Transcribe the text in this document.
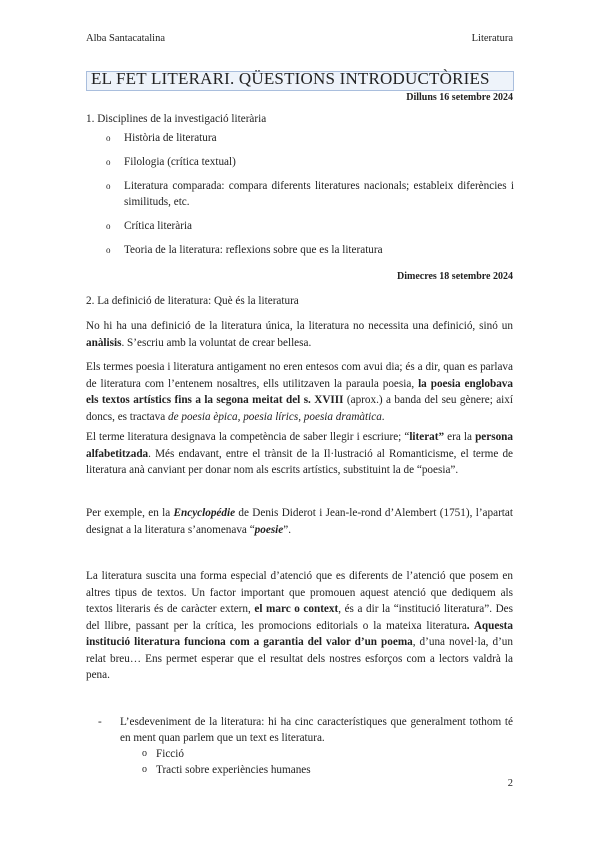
Alba Santacatalina	Literatura
EL FET LITERARI. QÜESTIONS INTRODUCTÒRIES
Dilluns 16 setembre 2024
1. Disciplines de la investigació literària
o Història de literatura
o Filologia (crítica textual)
o Literatura comparada: compara diferents literatures nacionals; estableix diferències i similituds, etc.
o Crítica literària
o Teoria de la literatura: reflexions sobre que es la literatura
Dimecres 18 setembre 2024
2. La definició de literatura: Què és la literatura

No hi ha una definició de la literatura única, la literatura no necessita una definició, sinó un anàlisis. S’escriu amb la voluntat de crear bellesa.

Els termes poesia i literatura antigament no eren entesos com avui dia; és a dir, quan es parlava de literatura com l’entenem nosaltres, ells utilitzaven la paraula poesia, la poesia englobava els textos artístics fins a la segona meitat del s. XVIII (aprox.) a banda del seu gènere; així doncs, es tractava de poesia èpica, poesia lírics, poesia dramàtica.

El terme literatura designava la competència de saber llegir i escriure; “literat” era la persona alfabetitzada. Més endavant, entre el trànsit de la Il·lustració al Romanticisme, el terme de literatura anà canviant per donar nom als escrits artístics, substituint la de “poesia”.

Per exemple, en la Encyclopédie de Denis Diderot i Jean-le-rond d’Alembert (1751), l’apartat designat a la literatura s’anomenava “poesie”.

La literatura suscita una forma especial d’atenció que es diferents de l’atenció que posem en altres tipus de textos. Un factor important que promouen aquest atenció que dediquem als textos literaris és de caràcter extern, el marc o context, és a dir la “institució literatura”. Des del llibre, passant per la crítica, les promocions editorials o la mateixa literatura. Aquesta institució literatura funciona com a garantia del valor d’un poema, d’una novel·la, d’un relat breu… Ens permet esperar que el resultat dels nostres esforços com a lectors valdrà la pena.

-	L’esdeveniment de la literatura: hi ha cinc característiques que generalment tothom té en ment quan parlem que un text es literatura.
o Ficció
o Tracti sobre experiències humanes
2
